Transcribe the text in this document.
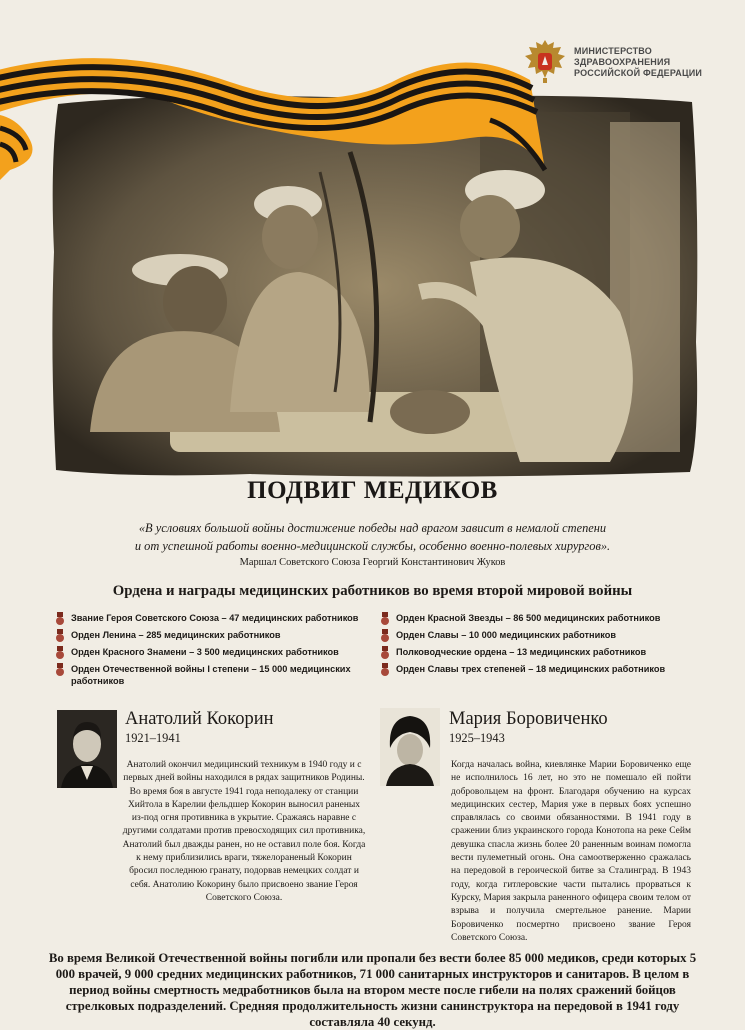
МИНИСТЕРСТВО
ЗДРАВООХРАНЕНИЯ
РОССИЙСКОЙ ФЕДЕРАЦИИ
ПОДВИГ МЕДИКОВ
«В условиях большой войны достижение победы над врагом зависит в немалой степени
и от успешной работы военно-медицинской службы, особенно военно-полевых хирургов».
Маршал Советского Союза Георгий Константинович Жуков
Ордена и награды медицинских работников во время второй мировой войны
Звание Героя Советского Союза – 47 медицинских работников
Орден Ленина – 285 медицинских работников
Орден Красного Знамени – 3 500 медицинских работников
Орден Отечественной войны I степени – 15 000 медицинских работников
Орден Красной Звезды – 86 500 медицинских работников
Орден Славы – 10 000 медицинских работников
Полководческие ордена – 13 медицинских работников
Орден Славы трех степеней – 18 медицинских работников
Анатолий Кокорин
1921–1941
Анатолий окончил медицинский техникум в 1940 году и с первых дней войны находился в рядах защитников Родины. Во время боя в августе 1941 года неподалеку от станции Хийтола в Карелии фельдшер Кокорин выносил раненых из-под огня противника в укрытие. Сражаясь наравне с другими солдатами против превосходящих сил противника, Анатолий был дважды ранен, но не оставил поле боя. Когда к нему приблизились враги, тяжелораненый Кокорин бросил последнюю гранату, подорвав немецких солдат и себя. Анатолию Кокорину было присвоено звание Героя Советского Союза.
Мария Боровиченко
1925–1943
Когда началась война, киевлянке Марии Боровиченко еще не исполнилось 16 лет, но это не помешало ей пойти добровольцем на фронт. Благодаря обучению на курсах медицинских сестер, Мария уже в первых боях успешно справлялась со своими обязанностями. В 1941 году в сражении близ украинского города Конотопа на реке Сейм девушка спасла жизнь более 20 раненным воинам помогла вести пулеметный огонь. Она самоотверженно сражалась на передовой в героической битве за Сталинград. В 1943 году, когда гитлеровские части пытались прорваться к Курску, Мария закрыла раненного офицера своим телом от взрыва и получила смертельное ранение. Марии Боровиченко посмертно присвоено звание Героя Советского Союза.
Во время Великой Отечественной войны погибли или пропали без вести более 85 000 медиков, среди которых 5 000 врачей, 9 000 средних медицинских работников, 71 000 санитарных инструкторов и санитаров. В целом в период войны смертность медработников была на втором месте после гибели на полях сражений бойцов стрелковых подразделений. Средняя продолжительность жизни санинструктора на передовой в 1941 году составляла 40 секунд.
